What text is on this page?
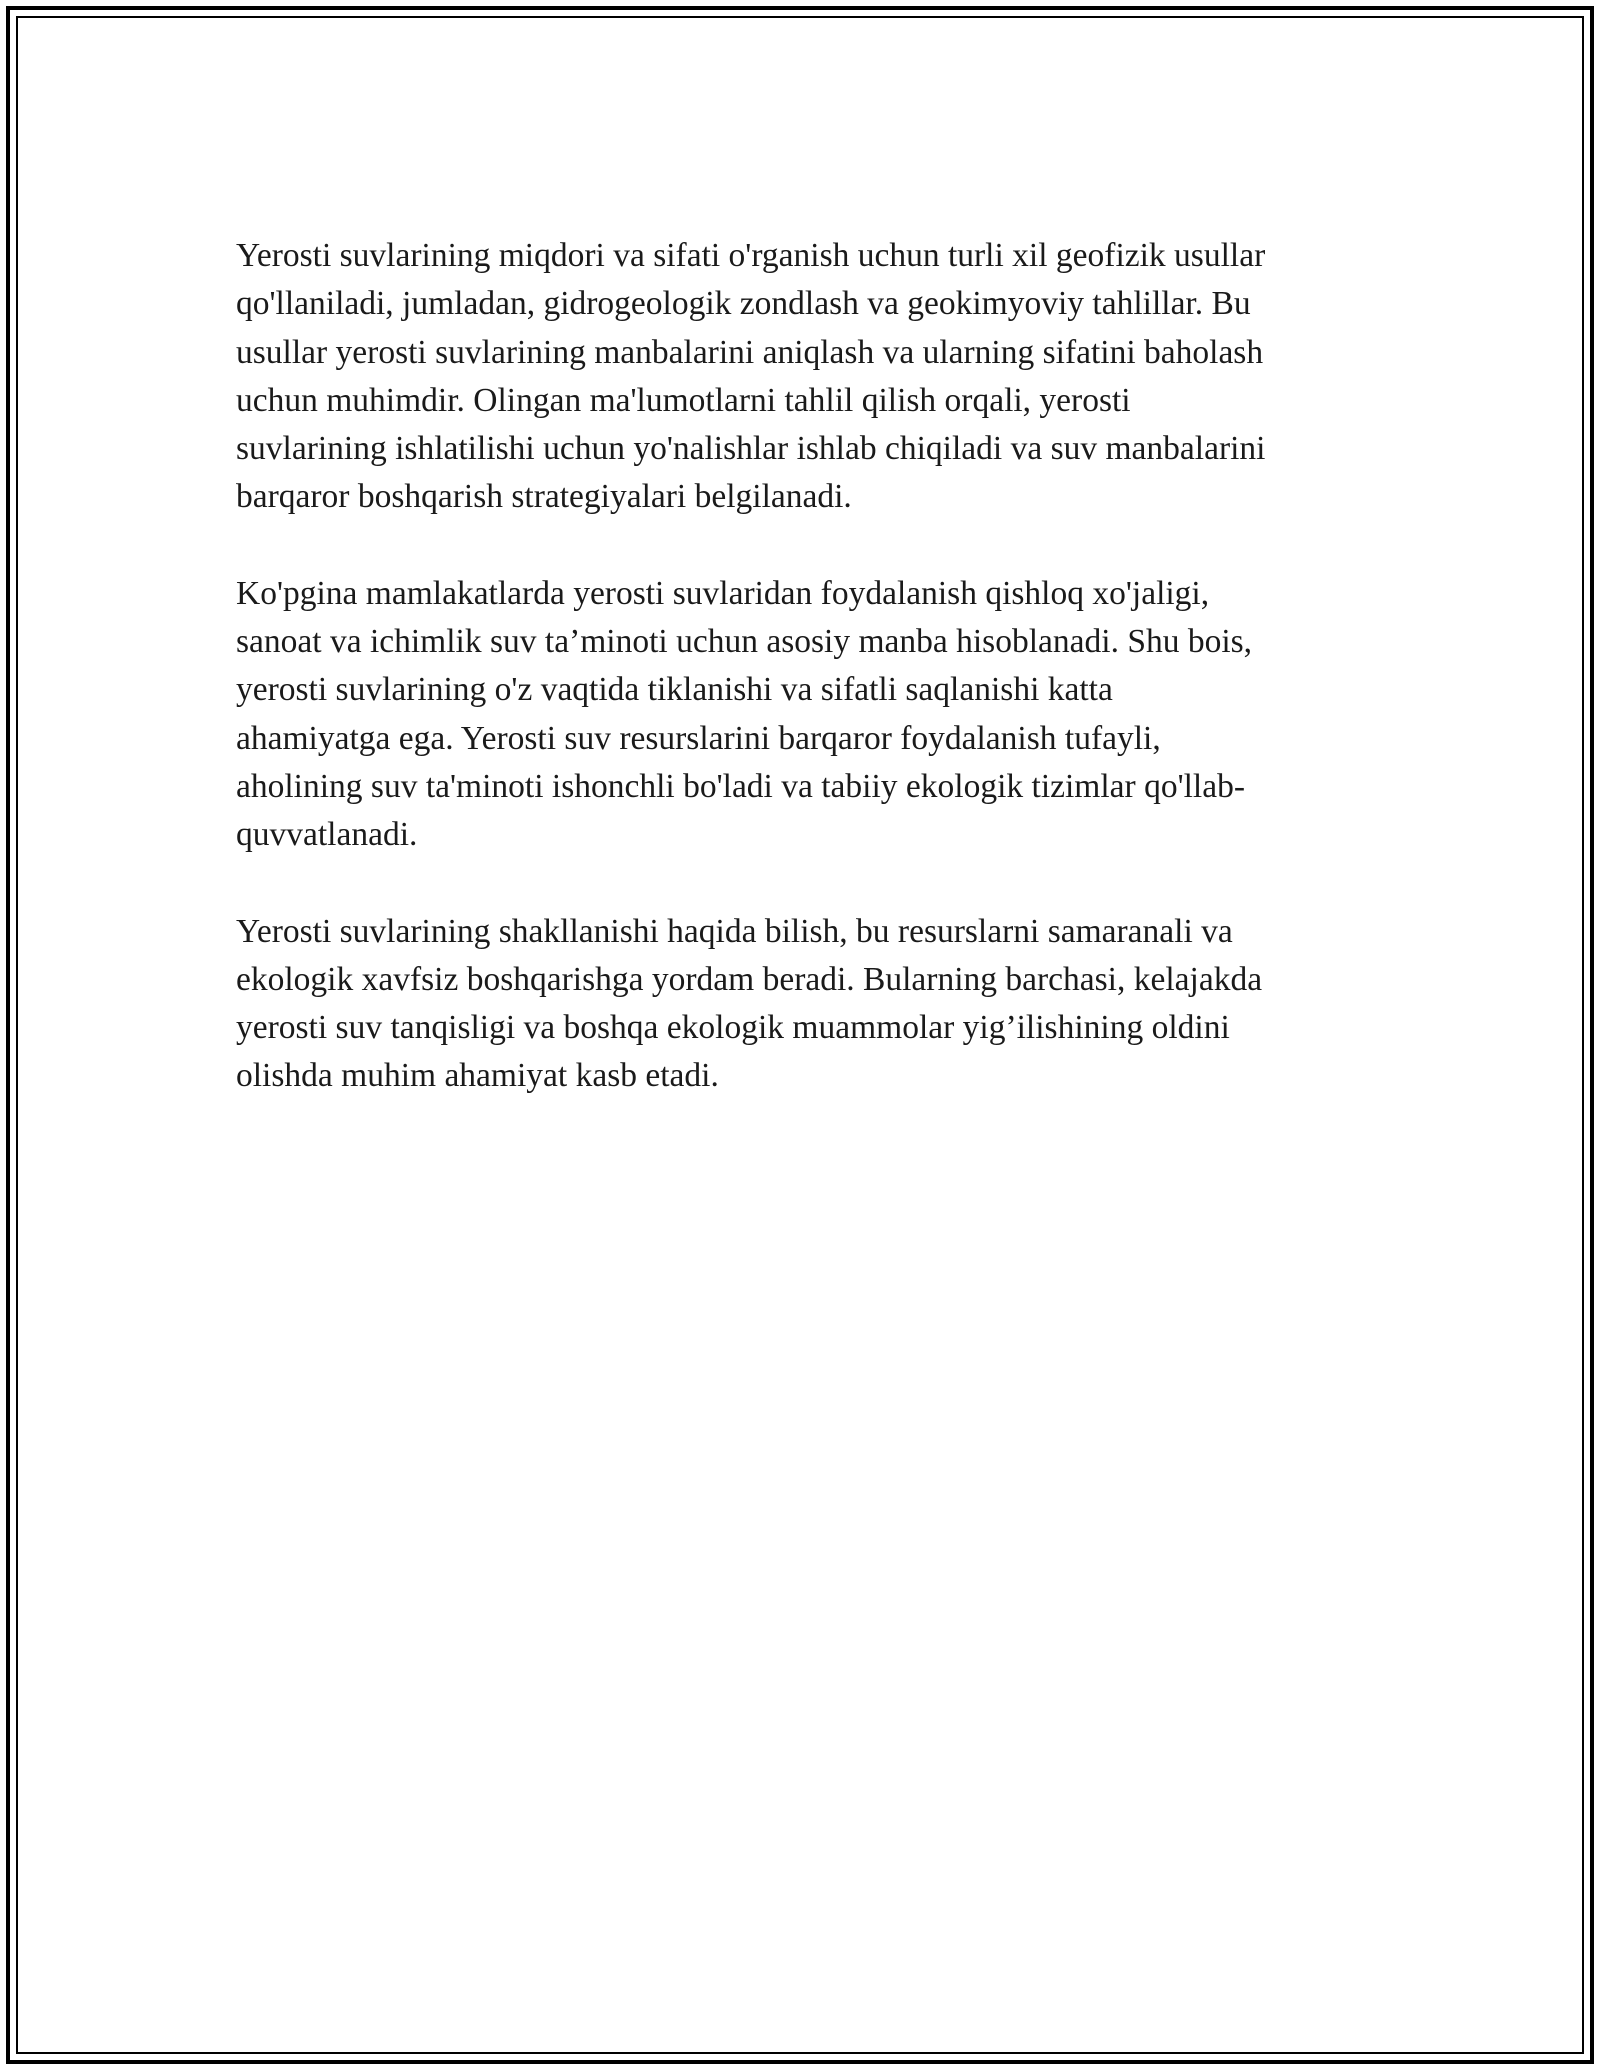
Yerosti suvlarining miqdori va sifati o'rganish uchun turli xil geofizik usullar
qo'llaniladi, jumladan, gidrogeologik zondlash va geokimyoviy tahlillar. Bu
usullar yerosti suvlarining manbalarini aniqlash va ularning sifatini baholash
uchun muhimdir. Olingan ma'lumotlarni tahlil qilish orqali, yerosti
suvlarining ishlatilishi uchun yo'nalishlar ishlab chiqiladi va suv manbalarini
barqaror boshqarish strategiyalari belgilanadi.

Ko'pgina mamlakatlarda yerosti suvlaridan foydalanish qishloq xo'jaligi,
sanoat va ichimlik suv ta’minoti uchun asosiy manba hisoblanadi. Shu bois,
yerosti suvlarining o'z vaqtida tiklanishi va sifatli saqlanishi katta
ahamiyatga ega. Yerosti suv resurslarini barqaror foydalanish tufayli,
aholining suv ta'minoti ishonchli bo'ladi va tabiiy ekologik tizimlar qo'llab-
quvvatlanadi.

Yerosti suvlarining shakllanishi haqida bilish, bu resurslarni samaranali va
ekologik xavfsiz boshqarishga yordam beradi. Bularning barchasi, kelajakda
yerosti suv tanqisligi va boshqa ekologik muammolar yig’ilishining oldini
olishda muhim ahamiyat kasb etadi.
